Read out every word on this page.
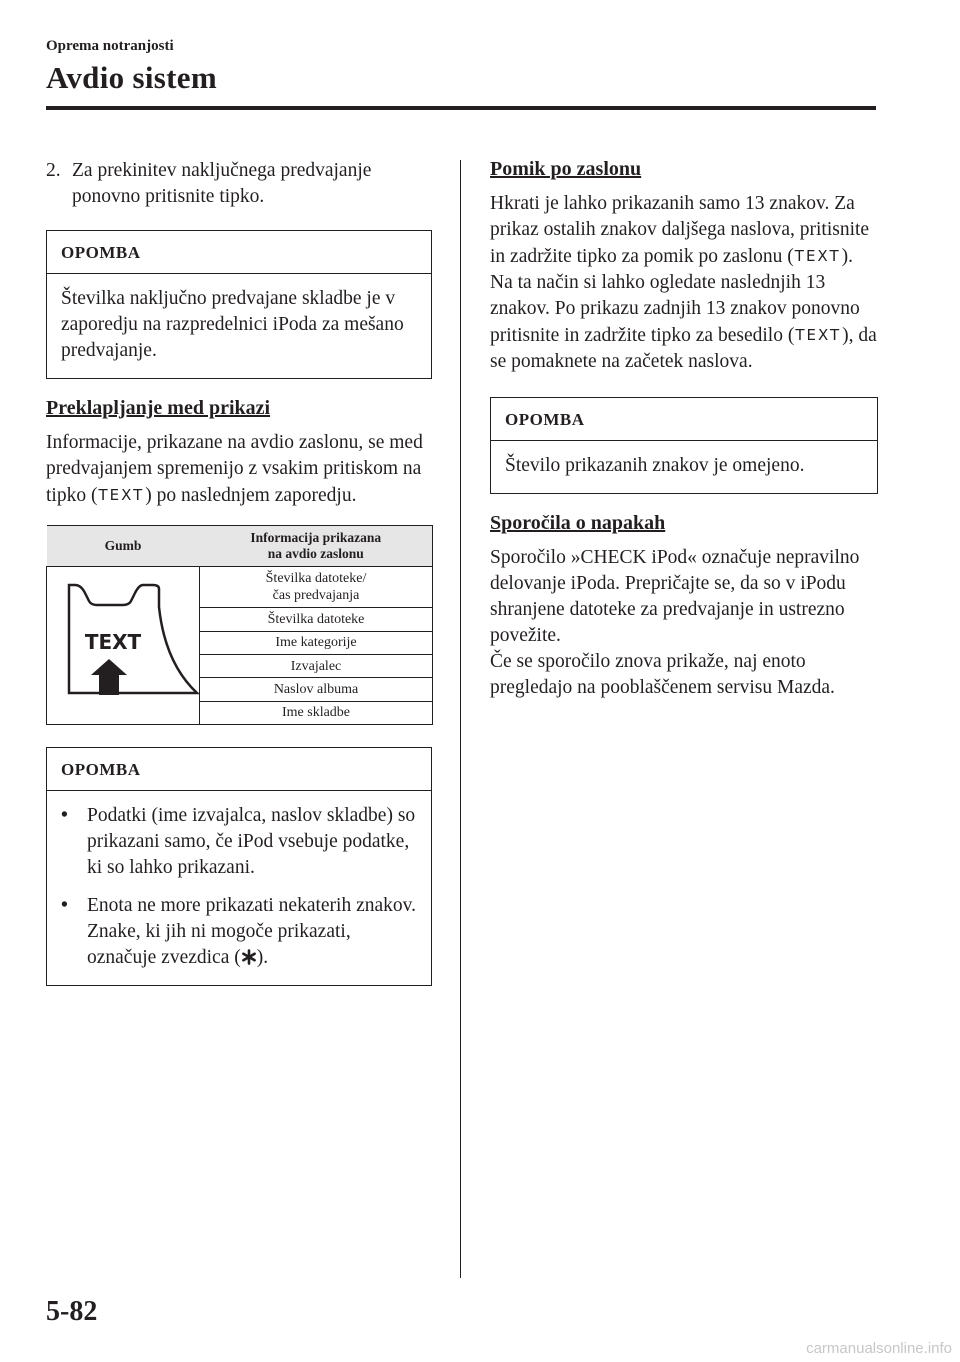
Oprema notranjosti
Avdio sistem
2. Za prekinitev naključnega predvajanje ponovno pritisnite tipko.
OPOMBA

Številka naključno predvajane skladbe je v zaporedju na razpredelnici iPoda za mešano predvajanje.

Preklapljanje med prikazi

Informacije, prikazane na avdio zaslonu, se med predvajanjem spremenijo z vsakim pritiskom na tipko (TEXT) po naslednjem zaporedju.

Gumb	Informacija prikazana
na avdio zaslonu

TEXT	Številka datoteke/
čas predvajanja
	Številka datoteke
	Ime kategorije
	Izvajalec
	Naslov albuma
	Ime skladbe
OPOMBA
• Podatki (ime izvajalca, naslov skladbe) so prikazani samo, če iPod vsebuje podatke, ki so lahko prikazani.
• Enota ne more prikazati nekaterih znakov. Znake, ki jih ni mogoče prikazati, označuje zvezdica ( ).
Pomik po zaslonu

Hkrati je lahko prikazanih samo 13 znakov. Za prikaz ostalih znakov daljšega naslova, pritisnite in zadržite tipko za pomik po zaslonu (TEXT). Na ta način si lahko ogledate naslednjih 13 znakov. Po prikazu zadnjih 13 znakov ponovno pritisnite in zadržite tipko za besedilo (TEXT), da se pomaknete na začetek naslova.

OPOMBA

Število prikazanih znakov je omejeno.

Sporočila o napakah

Sporočilo »CHECK iPod« označuje nepravilno delovanje iPoda. Prepričajte se, da so v iPodu shranjene datoteke za predvajanje in ustrezno povežite.

Če se sporočilo znova prikaže, naj enoto pregledajo na pooblaščenem servisu Mazda.

5-82
carmanualsonline.info
